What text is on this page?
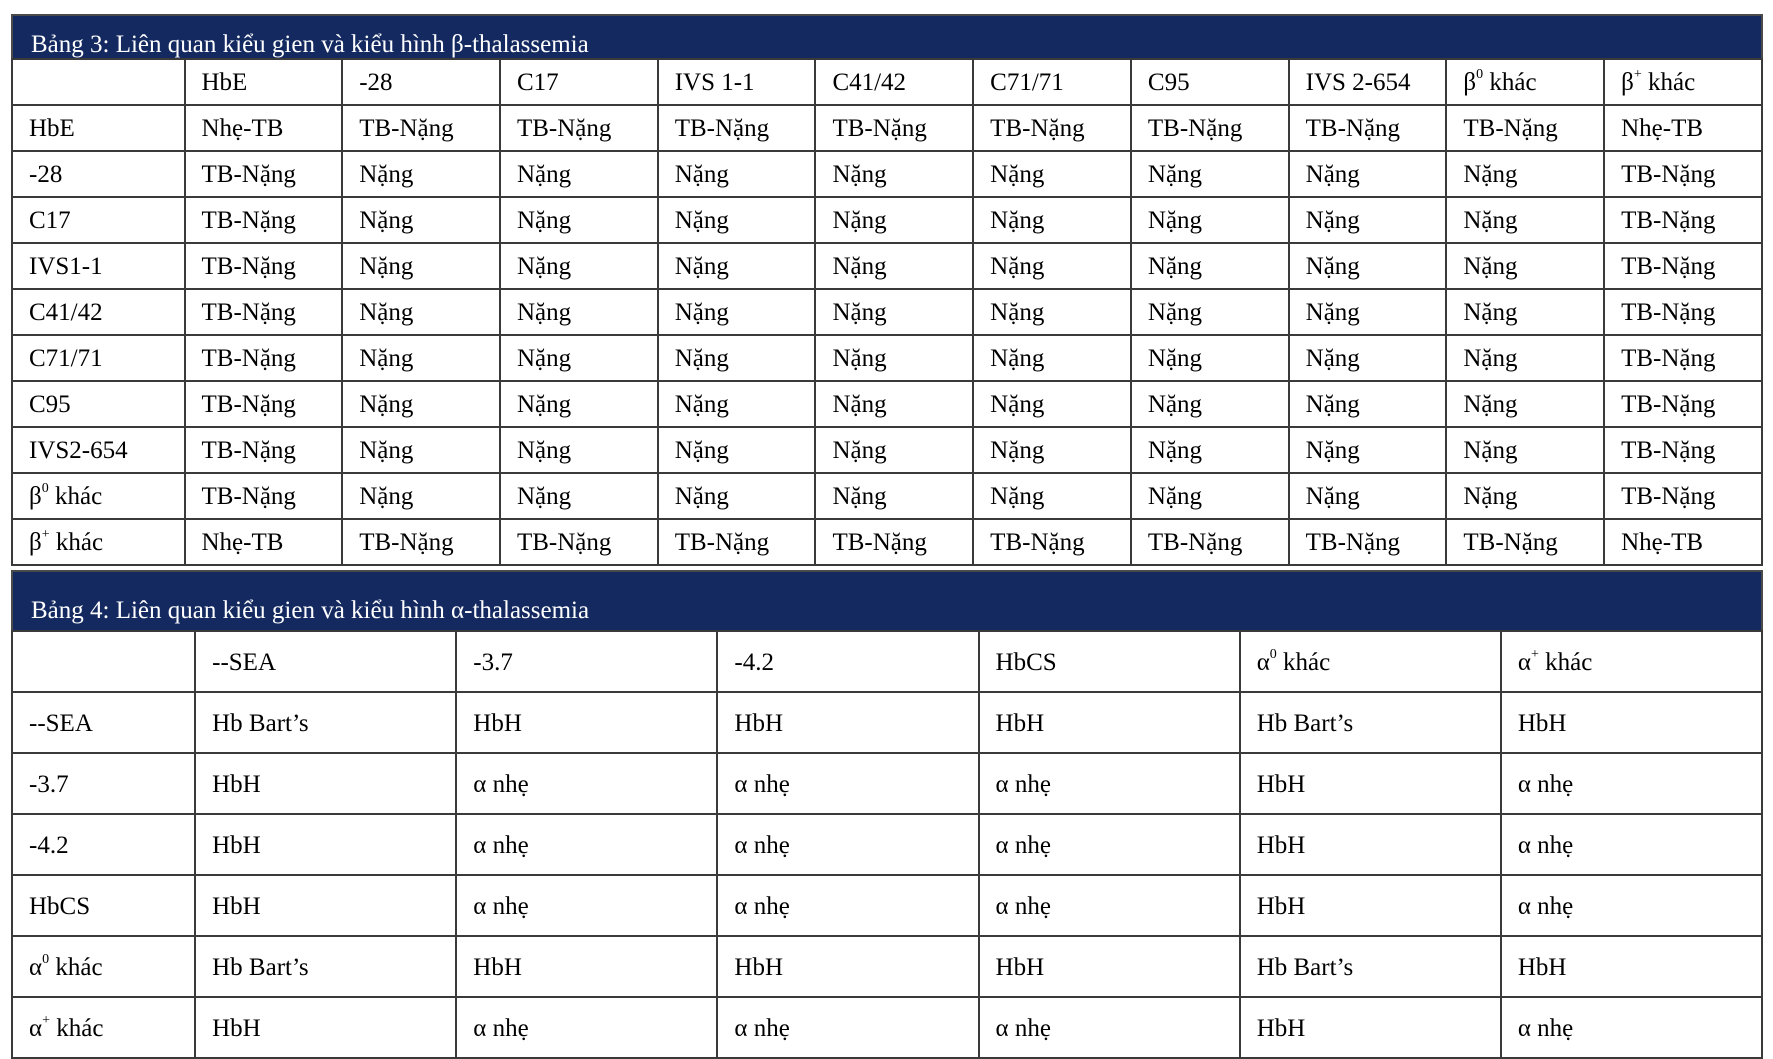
Bảng 3: Liên quan kiểu gien và kiểu hình β-thalassemia
	HbE	-28	C17	IVS 1-1	C41/42	C71/71	C95	IVS 2-654	$\beta^0$ khác	β+ khác
HbE	Nhẹ-TB	TB-Nặng	TB-Nặng	TB-Nặng	TB-Nặng	TB-Nặng	TB-Nặng	TB-Nặng	TB-Nặng	Nhẹ-TB
-28	TB-Nặng	Nặng	Nặng	Nặng	Nặng	Nặng	Nặng	Nặng	Nặng	TB-Nặng
C17	TB-Nặng	Nặng	Nặng	Nặng	Nặng	Nặng	Nặng	Nặng	Nặng	TB-Nặng
IVS1-1	TB-Nặng	Nặng	Nặng	Nặng	Nặng	Nặng	Nặng	Nặng	Nặng	TB-Nặng
C41/42	TB-Nặng	Nặng	Nặng	Nặng	Nặng	Nặng	Nặng	Nặng	Nặng	TB-Nặng
C71/71	TB-Nặng	Nặng	Nặng	Nặng	Nặng	Nặng	Nặng	Nặng	Nặng	TB-Nặng
C95	TB-Nặng	Nặng	Nặng	Nặng	Nặng	Nặng	Nặng	Nặng	Nặng	TB-Nặng
IVS2-654	TB-Nặng	Nặng	Nặng	Nặng	Nặng	Nặng	Nặng	Nặng	Nặng	TB-Nặng
$\beta^0$ khác	TB-Nặng	Nặng	Nặng	Nặng	Nặng	Nặng	Nặng	Nặng	Nặng	TB-Nặng
β+ khác	Nhẹ-TB	TB-Nặng	TB-Nặng	TB-Nặng	TB-Nặng	TB-Nặng	TB-Nặng	TB-Nặng	TB-Nặng	Nhẹ-TB
Bảng 4: Liên quan kiểu gien và kiểu hình α-thalassemia
	--SEA	-3.7	-4.2	HbCS	$\alpha^0$ khác	α+ khác
--SEA	Hb Bart’s	HbH	HbH	HbH	Hb Bart’s	HbH
-3.7	HbH	α nhẹ	α nhẹ	α nhẹ	HbH	α nhẹ
-4.2	HbH	α nhẹ	α nhẹ	α nhẹ	HbH	α nhẹ
HbCS	HbH	α nhẹ	α nhẹ	α nhẹ	HbH	α nhẹ
$\alpha^0$ khác	Hb Bart’s	HbH	HbH	HbH	Hb Bart’s	HbH
α+ khác	HbH	α nhẹ	α nhẹ	α nhẹ	HbH	α nhẹ
